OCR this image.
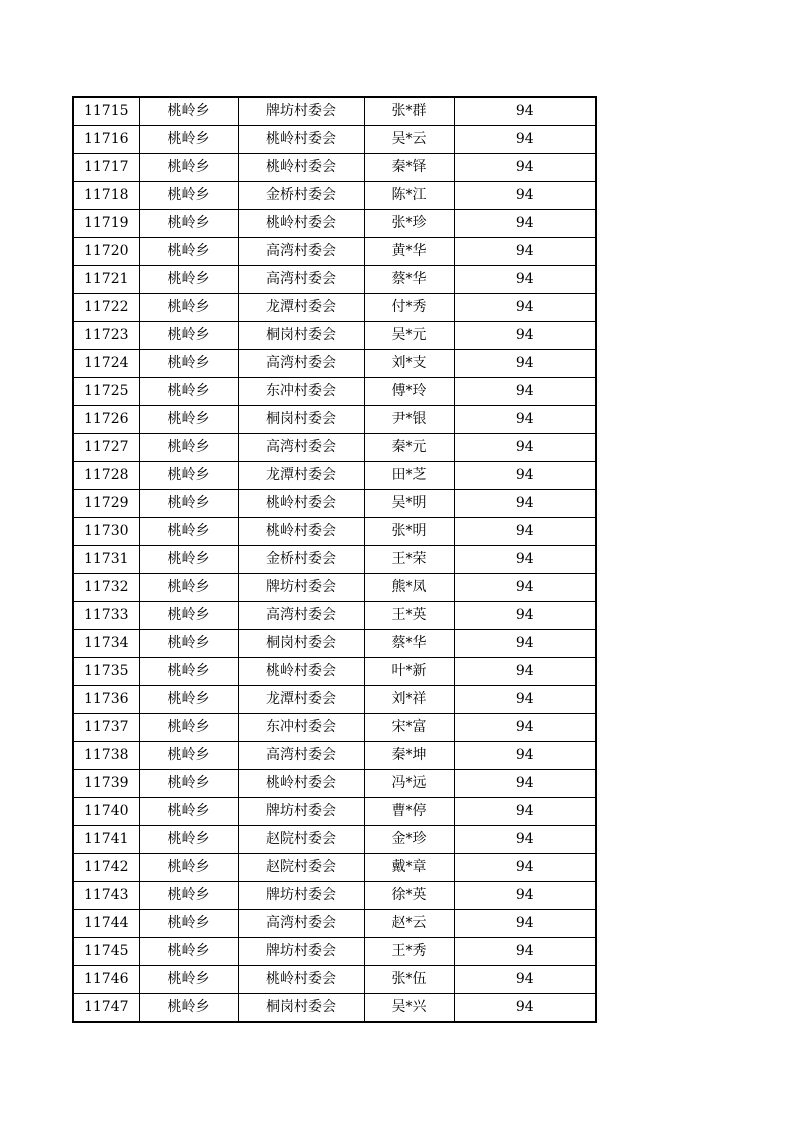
11715	桃岭乡	牌坊村委会	张*群	94
11716	桃岭乡	桃岭村委会	吴*云	94
11717	桃岭乡	桃岭村委会	秦*铎	94
11718	桃岭乡	金桥村委会	陈*江	94
11719	桃岭乡	桃岭村委会	张*珍	94
11720	桃岭乡	高湾村委会	黄*华	94
11721	桃岭乡	高湾村委会	蔡*华	94
11722	桃岭乡	龙潭村委会	付*秀	94
11723	桃岭乡	桐岗村委会	吴*元	94
11724	桃岭乡	高湾村委会	刘*支	94
11725	桃岭乡	东冲村委会	傅*玲	94
11726	桃岭乡	桐岗村委会	尹*银	94
11727	桃岭乡	高湾村委会	秦*元	94
11728	桃岭乡	龙潭村委会	田*芝	94
11729	桃岭乡	桃岭村委会	吴*明	94
11730	桃岭乡	桃岭村委会	张*明	94
11731	桃岭乡	金桥村委会	王*荣	94
11732	桃岭乡	牌坊村委会	熊*凤	94
11733	桃岭乡	高湾村委会	王*英	94
11734	桃岭乡	桐岗村委会	蔡*华	94
11735	桃岭乡	桃岭村委会	叶*新	94
11736	桃岭乡	龙潭村委会	刘*祥	94
11737	桃岭乡	东冲村委会	宋*富	94
11738	桃岭乡	高湾村委会	秦*坤	94
11739	桃岭乡	桃岭村委会	冯*远	94
11740	桃岭乡	牌坊村委会	曹*停	94
11741	桃岭乡	赵院村委会	金*珍	94
11742	桃岭乡	赵院村委会	戴*章	94
11743	桃岭乡	牌坊村委会	徐*英	94
11744	桃岭乡	高湾村委会	赵*云	94
11745	桃岭乡	牌坊村委会	王*秀	94
11746	桃岭乡	桃岭村委会	张*伍	94
11747	桃岭乡	桐岗村委会	吴*兴	94
